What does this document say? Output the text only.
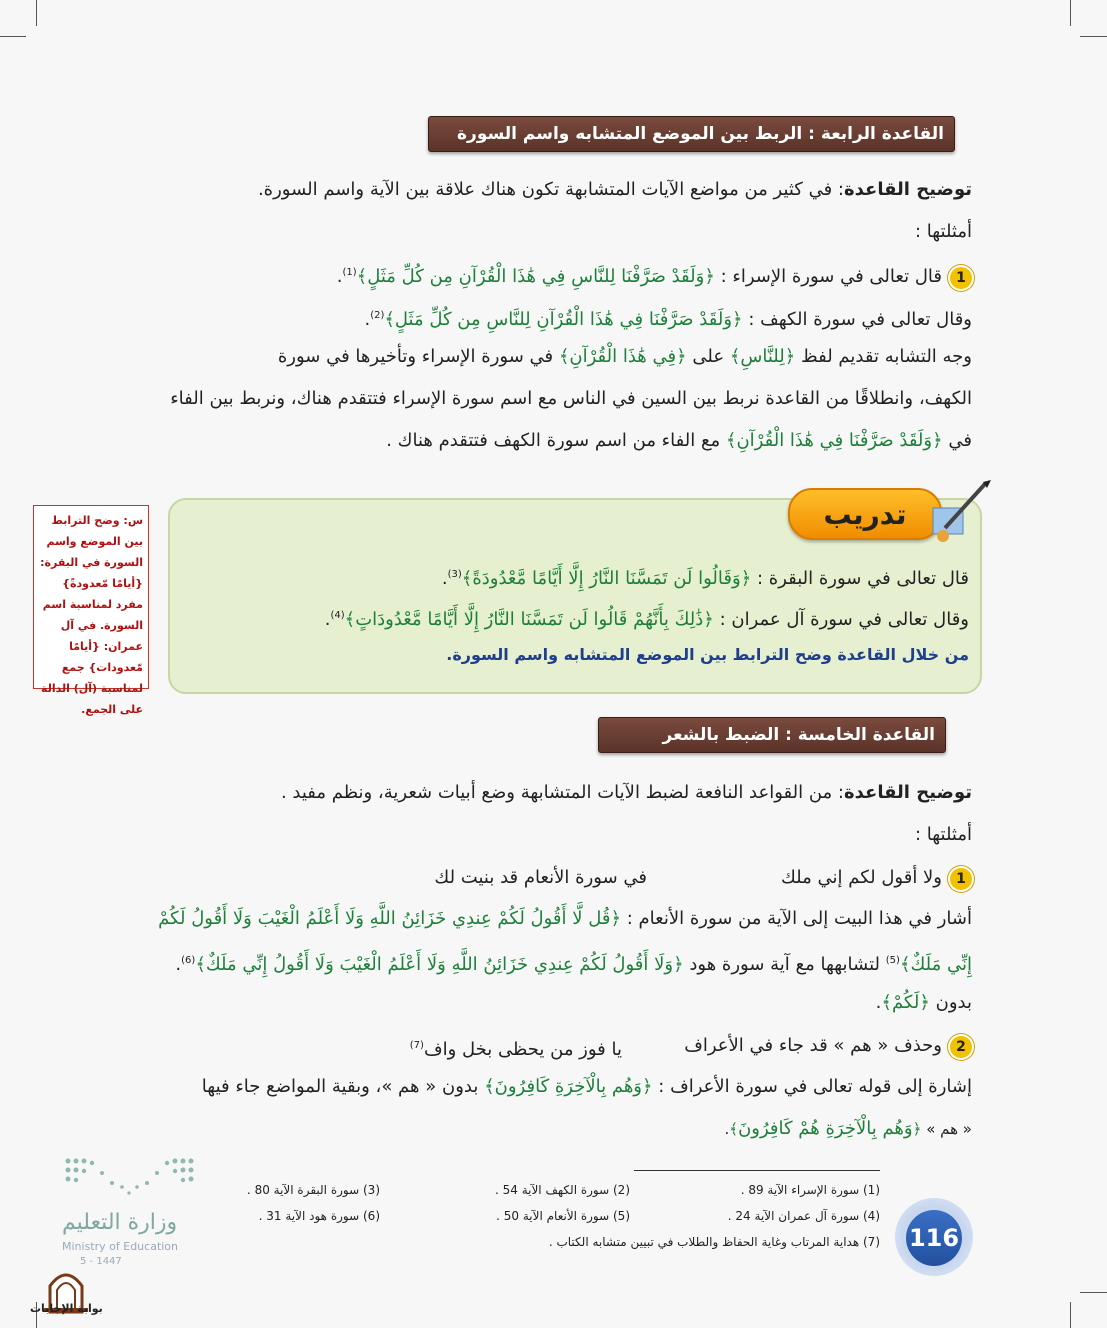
القاعدة الرابعة : الربط بين الموضع المتشابه واسم السورة
توضيح القاعدة: في كثير من مواضع الآيات المتشابهة تكون هناك علاقة بين الآية واسم السورة.
أمثلتها :
1قال تعالى في سورة الإسراء : ﴿وَلَقَدْ صَرَّفْنَا لِلنَّاسِ فِي هَٰذَا الْقُرْآنِ مِن كُلِّ مَثَلٍ﴾$^{(1)}$.
وقال تعالى في سورة الكهف : ﴿وَلَقَدْ صَرَّفْنَا فِي هَٰذَا الْقُرْآنِ لِلنَّاسِ مِن كُلِّ مَثَلٍ﴾$^{(2)}$.
وجه التشابه تقديم لفظ ﴿لِلنَّاسِ﴾ على ﴿فِي هَٰذَا الْقُرْآنِ﴾ في سورة الإسراء وتأخيرها في سورة
الكهف، وانطلاقًا من القاعدة نربط بين السين في الناس مع اسم سورة الإسراء فتتقدم هناك، ونربط بين الفاء
في ﴿وَلَقَدْ صَرَّفْنَا فِي هَٰذَا الْقُرْآنِ﴾ مع الفاء من اسم سورة الكهف فتتقدم هناك .
تدريب
قال تعالى في سورة البقرة : ﴿وَقَالُوا لَن تَمَسَّنَا النَّارُ إِلَّا أَيَّامًا مَّعْدُودَةً﴾$^{(3)}$.
وقال تعالى في سورة آل عمران : ﴿ذَٰلِكَ بِأَنَّهُمْ قَالُوا لَن تَمَسَّنَا النَّارُ إِلَّا أَيَّامًا مَّعْدُودَاتٍ﴾$^{(4)}$.
من خلال القاعدة وضح الترابط بين الموضع المتشابه واسم السورة.
س: وضح الترابط بين الموضع واسم السورة في البقرة: {أيامًا مّعدودةً} مفرد لمناسبة اسم السورة. في آل عمران: {أيامًا مّعدودات} جمع لمناسبة (آل) الدالة على الجمع.
القاعدة الخامسة : الضبط بالشعر
توضيح القاعدة: من القواعد النافعة لضبط الآيات المتشابهة وضع أبيات شعرية، ونظم مفيد .
أمثلتها :
1ولا أقول لكم إني ملك
في سورة الأنعام قد بنيت لك
أشار في هذا البيت إلى الآية من سورة الأنعام : ﴿قُل لَّا أَقُولُ لَكُمْ عِندِي خَزَائِنُ اللَّهِ وَلَا أَعْلَمُ الْغَيْبَ وَلَا أَقُولُ لَكُمْ
إِنِّي مَلَكٌ﴾$^{(5)}$ لتشابهها مع آية سورة هود ﴿وَلَا أَقُولُ لَكُمْ عِندِي خَزَائِنُ اللَّهِ وَلَا أَعْلَمُ الْغَيْبَ وَلَا أَقُولُ إِنِّي مَلَكٌ﴾$^{(6)}$.
بدون ﴿لَكُمْ﴾.
2وحذف « هم » قد جاء في الأعراف
يا فوز من يحظى بخل واف$^{(7)}$
إشارة إلى قوله تعالى في سورة الأعراف : ﴿وَهُم بِالْآخِرَةِ كَافِرُونَ﴾ بدون « هم »، وبقية المواضع جاء فيها
« هم » ﴿وَهُم بِالْآخِرَةِ هُمْ كَافِرُونَ﴾.
(1) سورة الإسراء الآية 89 .
(2) سورة الكهف الآية 54 .
(3) سورة البقرة الآية 80 .
(4) سورة آل عمران الآية 24 .
(5) سورة الأنعام الآية 50 .
(6) سورة هود الآية 31 .
(7) هداية المرتاب وغاية الحفاظ والطلاب في تبيين متشابه الكتاب . 116
وزارة التعليم
Ministry of Education
5 - 1447
بوابة الإجابات
